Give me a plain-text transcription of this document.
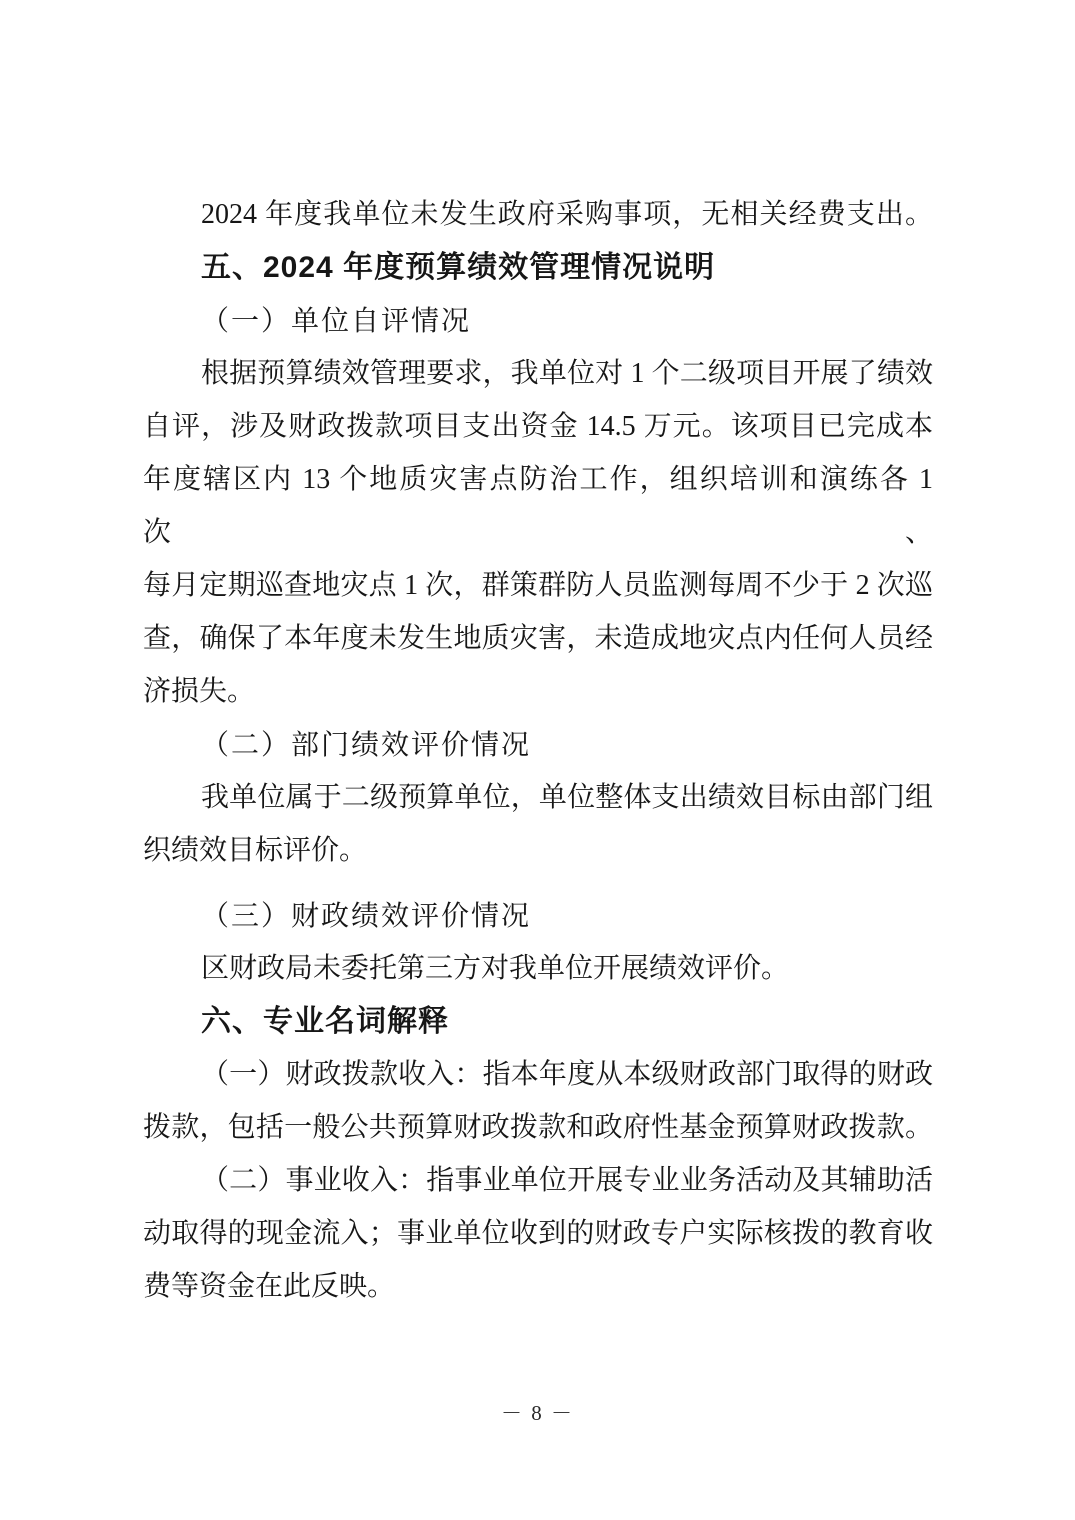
2024 年度我单位未发生政府采购事项，无相关经费支出。
五、2024 年度预算绩效管理情况说明
（一）单位自评情况
根据预算绩效管理要求，我单位对 1 个二级项目开展了绩效
自评，涉及财政拨款项目支出资金 14.5 万元。该项目已完成本
年度辖区内 13 个地质灾害点防治工作，组织培训和演练各 1 次、
每月定期巡查地灾点 1 次，群策群防人员监测每周不少于 2 次巡
查，确保了本年度未发生地质灾害，未造成地灾点内任何人员经
济损失。
（二）部门绩效评价情况
我单位属于二级预算单位，单位整体支出绩效目标由部门组
织绩效目标评价。
（三）财政绩效评价情况
区财政局未委托第三方对我单位开展绩效评价。
六、专业名词解释
（一）财政拨款收入：指本年度从本级财政部门取得的财政
拨款，包括一般公共预算财政拨款和政府性基金预算财政拨款。
（二）事业收入：指事业单位开展专业业务活动及其辅助活
动取得的现金流入；事业单位收到的财政专户实际核拨的教育收
费等资金在此反映。
－ 8 －
